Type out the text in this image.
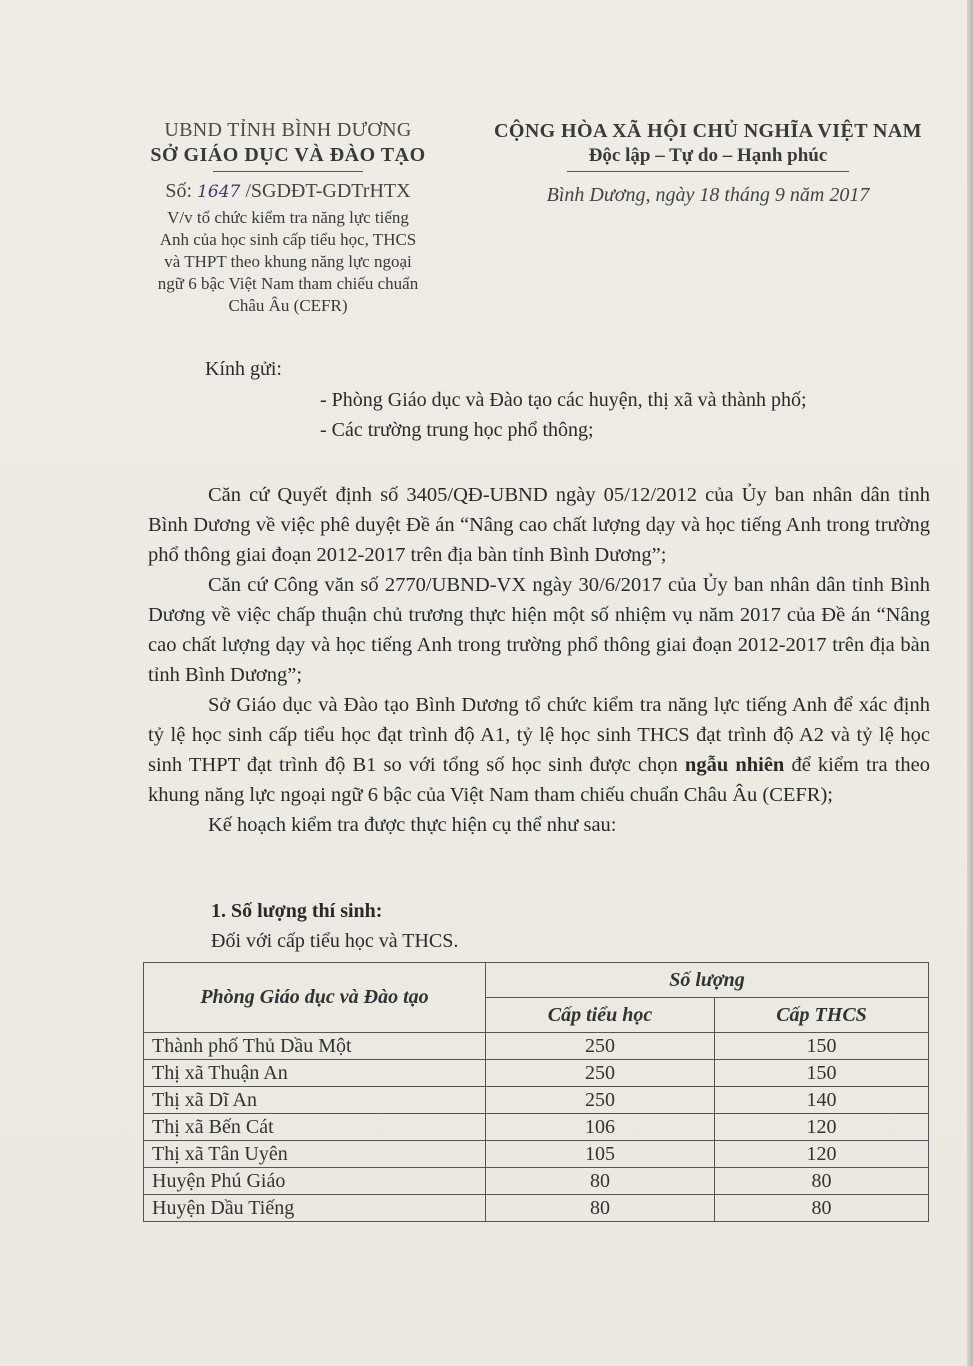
UBND TỈNH BÌNH DƯƠNG
SỞ GIÁO DỤC VÀ ĐÀO TẠO
Số: 1647 /SGDĐT-GDTrHTX
V/v tổ chức kiểm tra năng lực tiếng
Anh của học sinh cấp tiểu học, THCS
và THPT theo khung năng lực ngoại
ngữ 6 bậc Việt Nam tham chiếu chuẩn
Châu Âu (CEFR)
CỘNG HÒA XÃ HỘI CHỦ NGHĨA VIỆT NAM
Độc lập – Tự do – Hạnh phúc
Bình Dương, ngày 18 tháng 9 năm 2017
Kính gửi:
- Phòng Giáo dục và Đào tạo các huyện, thị xã và thành phố;
- Các trường trung học phổ thông;

Căn cứ Quyết định số 3405/QĐ-UBND ngày 05/12/2012 của Ủy ban nhân dân tỉnh Bình Dương về việc phê duyệt Đề án “Nâng cao chất lượng dạy và học tiếng Anh trong trường phổ thông giai đoạn 2012-2017 trên địa bàn tỉnh Bình Dương”;

Căn cứ Công văn số 2770/UBND-VX ngày 30/6/2017 của Ủy ban nhân dân tỉnh Bình Dương về việc chấp thuận chủ trương thực hiện một số nhiệm vụ năm 2017 của Đề án “Nâng cao chất lượng dạy và học tiếng Anh trong trường phổ thông giai đoạn 2012-2017 trên địa bàn tỉnh Bình Dương”;

Sở Giáo dục và Đào tạo Bình Dương tổ chức kiểm tra năng lực tiếng Anh để xác định tỷ lệ học sinh cấp tiểu học đạt trình độ A1, tỷ lệ học sinh THCS đạt trình độ A2 và tỷ lệ học sinh THPT đạt trình độ B1 so với tổng số học sinh được chọn ngẫu nhiên để kiểm tra theo khung năng lực ngoại ngữ 6 bậc của Việt Nam tham chiếu chuẩn Châu Âu (CEFR);

Kế hoạch kiểm tra được thực hiện cụ thể như sau:

1. Số lượng thí sinh:
Đối với cấp tiểu học và THCS.
Phòng Giáo dục và Đào tạo	Số lượng	
	Cấp tiểu học	Cấp THCS
Thành phố Thủ Dầu Một	250	150
Thị xã Thuận An	250	150
Thị xã Dĩ An	250	140
Thị xã Bến Cát	106	120
Thị xã Tân Uyên	105	120
Huyện Phú Giáo	80	80
Huyện Dầu Tiếng	80	80
